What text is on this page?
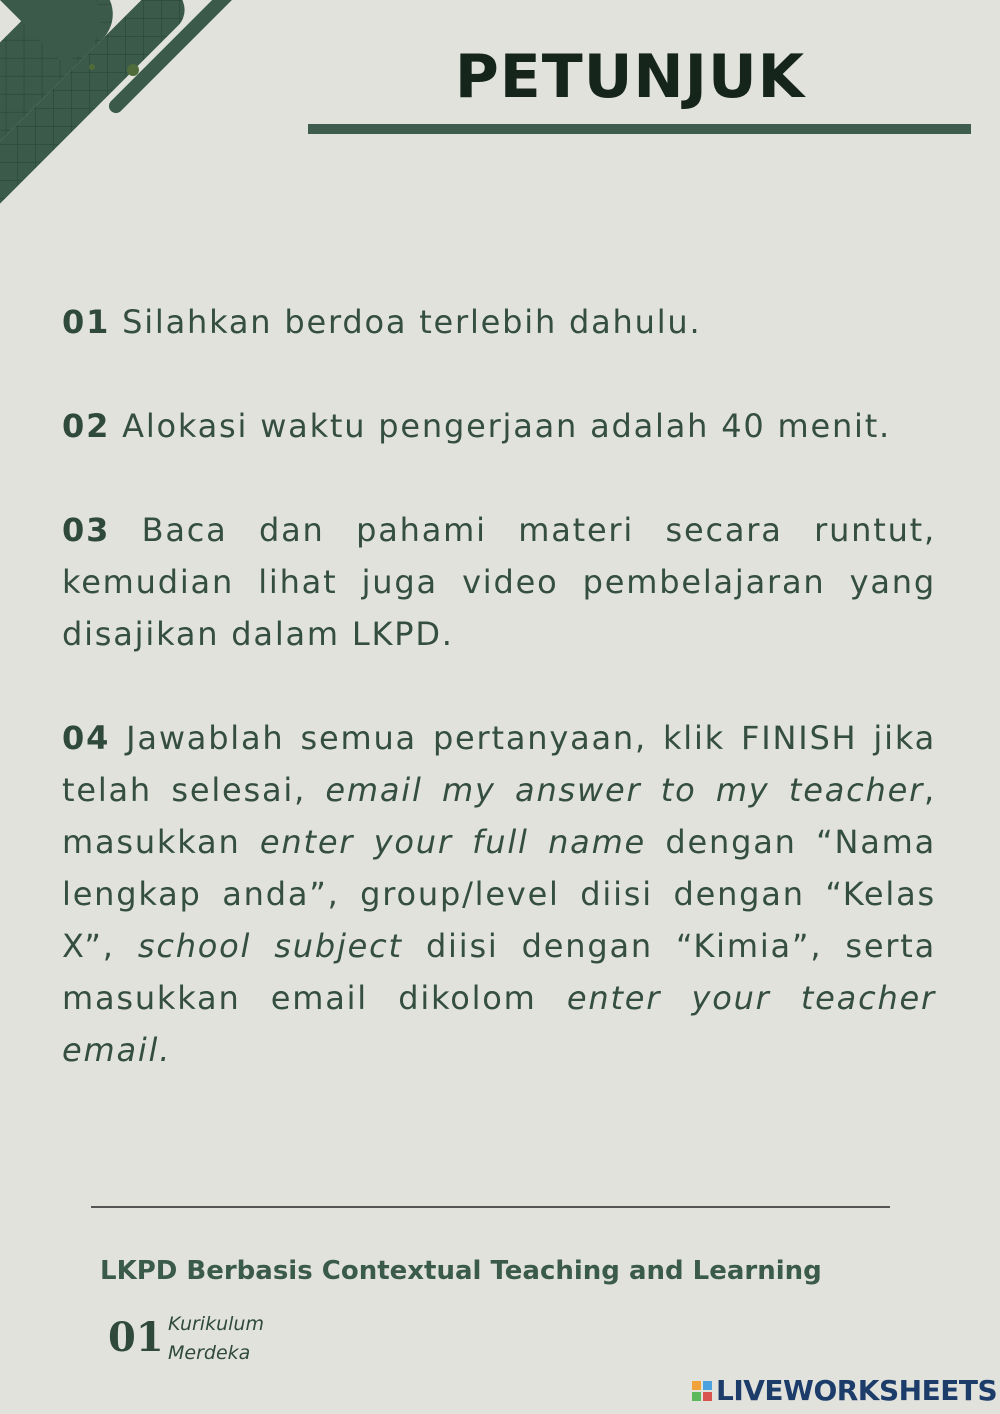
PETUNJUK

01 Silahkan berdoa terlebih dahulu.

02 Alokasi waktu pengerjaan adalah 40 menit.

03 Baca dan pahami materi secara runtut, kemudian lihat juga video pembelajaran yang disajikan dalam LKPD.

04 Jawablah semua pertanyaan, klik FINISH jika telah selesai, email my answer to my teacher, masukkan enter your full name dengan “Nama lengkap anda”, group/level diisi dengan “Kelas X”, school subject diisi dengan “Kimia”, serta masukkan email dikolom enter your teacher email.

LKPD Berbasis Contextual Teaching and Learning
01 Kurikulum
Merdeka
LIVEWORKSHEETS
